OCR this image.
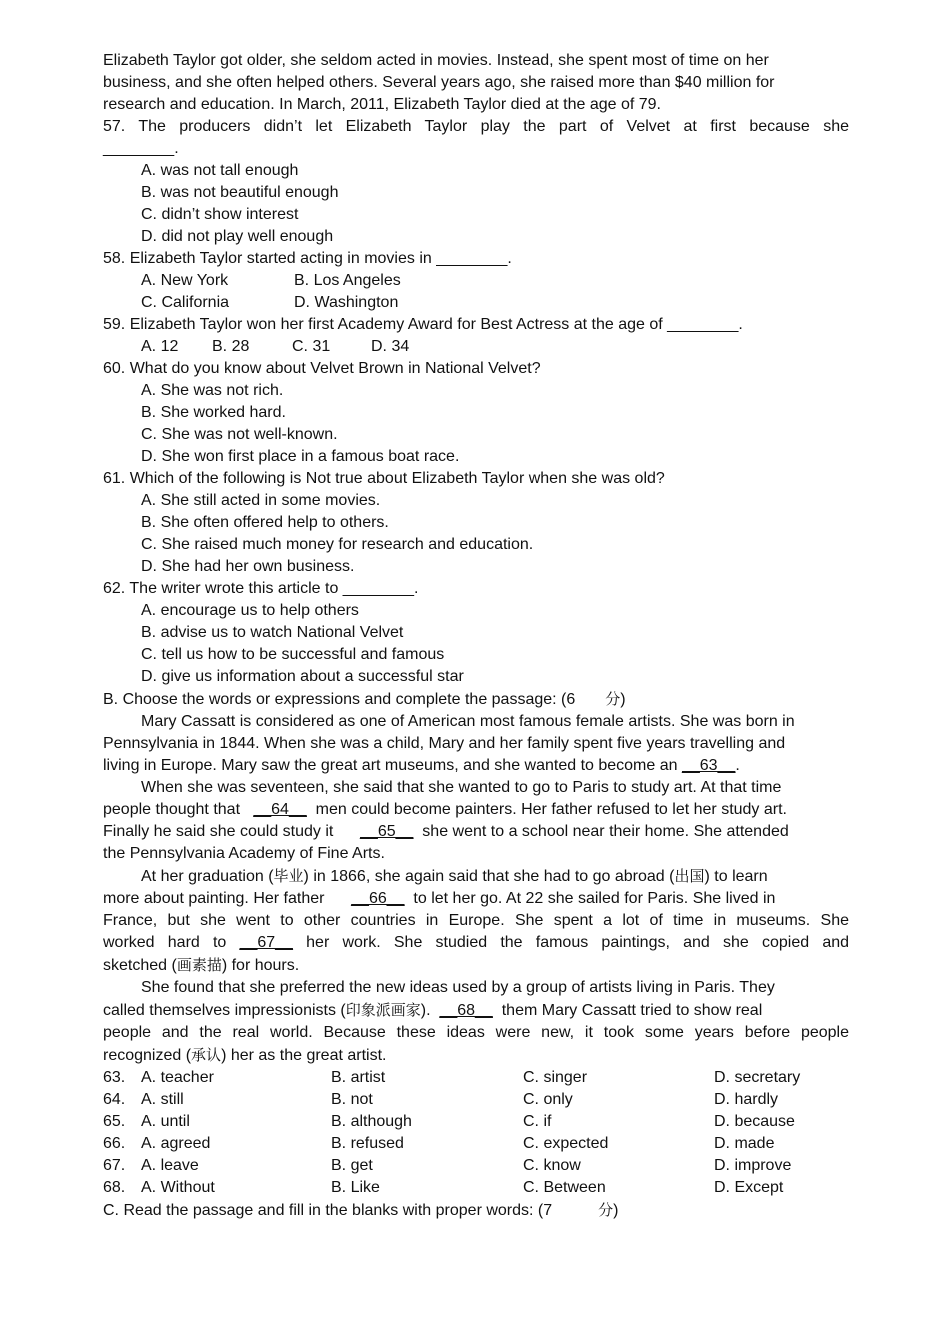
Elizabeth Taylor got older, she seldom acted in movies. Instead, she spent most of time on her
business, and she often helped others. Several years ago, she raised more than $40 million for
research and education. In March, 2011, Elizabeth Taylor died at the age of 79.
57. The producers didn’t let Elizabeth Taylor play the part of Velvet at first because she
________.
A. was not tall enough
B. was not beautiful enough
C. didn’t show interest
D. did not play well enough
58. Elizabeth Taylor started acting in movies in ________.
A. New York	B. Los Angeles
C. California	D. Washington
59. Elizabeth Taylor won her first Academy Award for Best Actress at the age of ________.
A. 12 B. 28	C. 31	D. 34
60. What do you know about Velvet Brown in National Velvet?
A. She was not rich.
B. She worked hard.
C. She was not well-known.
D. She won first place in a famous boat race.
61. Which of the following is Not true about Elizabeth Taylor when she was old?
A. She still acted in some movies.
B. She often offered help to others.
C. She raised much money for research and education.
D. She had her own business.
62. The writer wrote this article to ________.
A. encourage us to help others
B. advise us to watch National Velvet
C. tell us how to be successful and famous
D. give us information about a successful star
B. Choose the words or expressions and complete the passage: (6 分)
Mary Cassatt is considered as one of American most famous female artists. She was born in
Pennsylvania in 1844. When she was a child, Mary and her family spent five years travelling and
living in Europe. Mary saw the great art museums, and she wanted to become an __63__.
When she was seventeen, she said that she wanted to go to Paris to study art. At that time
people thought that __64__ men could become painters. Her father refused to let her study art.
Finally he said she could study it __65__ she went to a school near their home. She attended
the Pennsylvania Academy of Fine Arts.
At her graduation (毕业) in 1866, she again said that she had to go abroad (出国) to learn
more about painting. Her father __66__ to let her go. At 22 she sailed for Paris. She lived in
France, but she went to other countries in Europe. She spent a lot of time in museums. She
worked hard to __67__ her work. She studied the famous paintings, and she copied and
sketched (画素描) for hours.
She found that she preferred the new ideas used by a group of artists living in Paris. They
called themselves impressionists (印象派画家). __68__ them Mary Cassatt tried to show real
people and the real world. Because these ideas were new, it took some years before people
recognized (承认) her as the great artist.
63.	A. teacher	B. artist	C. singer	D. secretary
64.	A. still	B. not	C. only	D. hardly
65.	A. until	B. although	C. if	D. because
66.	A. agreed	B. refused	C. expected	D. made
67.	A. leave	B. get	C. know	D. improve
68.	A. Without	B. Like	C. Between	D. Except
C. Read the passage and fill in the blanks with proper words: (7	分)
